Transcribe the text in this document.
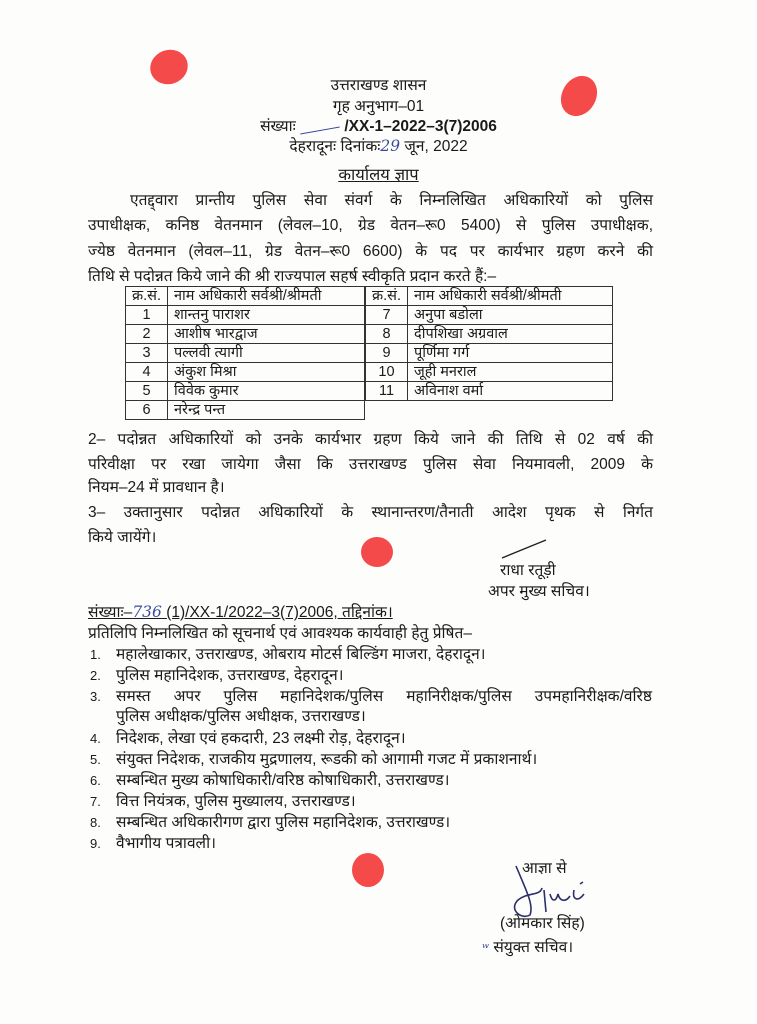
उत्तराखण्ड शासन
गृह अनुभाग–01
संख्याः	/XX-1–2022–3(7)2006
देहरादूनः दिनांकः29 जून, 2022
कार्यालय ज्ञाप
एतद्द्वारा प्रान्तीय पुलिस सेवा संवर्ग के निम्नलिखित अधिकारियों को पुलिस
उपाधीक्षक, कनिष्ठ वेतनमान (लेवल–10, ग्रेड वेतन–रू0 5400) से पुलिस उपाधीक्षक,
ज्येष्ठ वेतनमान (लेवल–11, ग्रेड वेतन–रू0 6600) के पद पर कार्यभार ग्रहण करने की
तिथि से पदोन्नत किये जाने की श्री राज्यपाल सहर्ष स्वीकृति प्रदान करते हैं:–
क्र.सं.	नाम अधिकारी सर्वश्री/श्रीमती
1	शान्तनु पाराशर
2	आशीष भारद्वाज
3	पल्लवी त्यागी
4	अंकुश मिश्रा
5	विवेक कुमार
6	नरेन्द्र पन्त
क्र.सं.	नाम अधिकारी सर्वश्री/श्रीमती
7	अनुपा बडोला
8	दीपशिखा अग्रवाल
9	पूर्णिमा गर्ग
10	जूही मनराल
11	अविनाश वर्मा
2– पदोन्नत अधिकारियों को उनके कार्यभार ग्रहण किये जाने की तिथि से 02 वर्ष की
परिवीक्षा पर रखा जायेगा जैसा कि उत्तराखण्ड पुलिस सेवा नियमावली, 2009 के
नियम–24 में प्रावधान है।
3– उक्तानुसार पदोन्नत अधिकारियों के स्थानान्तरण/तैनाती आदेश पृथक से निर्गत
किये जायेंगे।
राधा रतूड़ी
अपर मुख्य सचिव।
संख्याः–736 (1)/XX-1/2022–3(7)2006, तद्दिनांक।
प्रतिलिपि निम्नलिखित को सूचनार्थ एवं आवश्यक कार्यवाही हेतु प्रेषित–
1. महालेखाकार, उत्तराखण्ड, ओबराय मोटर्स बिल्डिंग माजरा, देहरादून।
2. पुलिस महानिदेशक, उत्तराखण्ड, देहरादून।
3. समस्त अपर पुलिस महानिदेशक/पुलिस महानिरीक्षक/पुलिस उपमहानिरीक्षक/वरिष्ठ
पुलिस अधीक्षक/पुलिस अधीक्षक, उत्तराखण्ड।
4. निदेशक, लेखा एवं हकदारी, 23 लक्ष्मी रोड़, देहरादून।
5. संयुक्त निदेशक, राजकीय मुद्रणालय, रूडकी को आगामी गजट में प्रकाशनार्थ।
6. सम्बन्धित मुख्य कोषाधिकारी/वरिष्ठ कोषाधिकारी, उत्तराखण्ड।
7. वित्त नियंत्रक, पुलिस मुख्यालय, उत्तराखण्ड।
8. सम्बन्धित अधिकारीगण द्वारा पुलिस महानिदेशक, उत्तराखण्ड।
9. वैभागीय पत्रावली।
आज्ञा से
(ओमकार सिंह)
ʷ संयुक्त सचिव।
